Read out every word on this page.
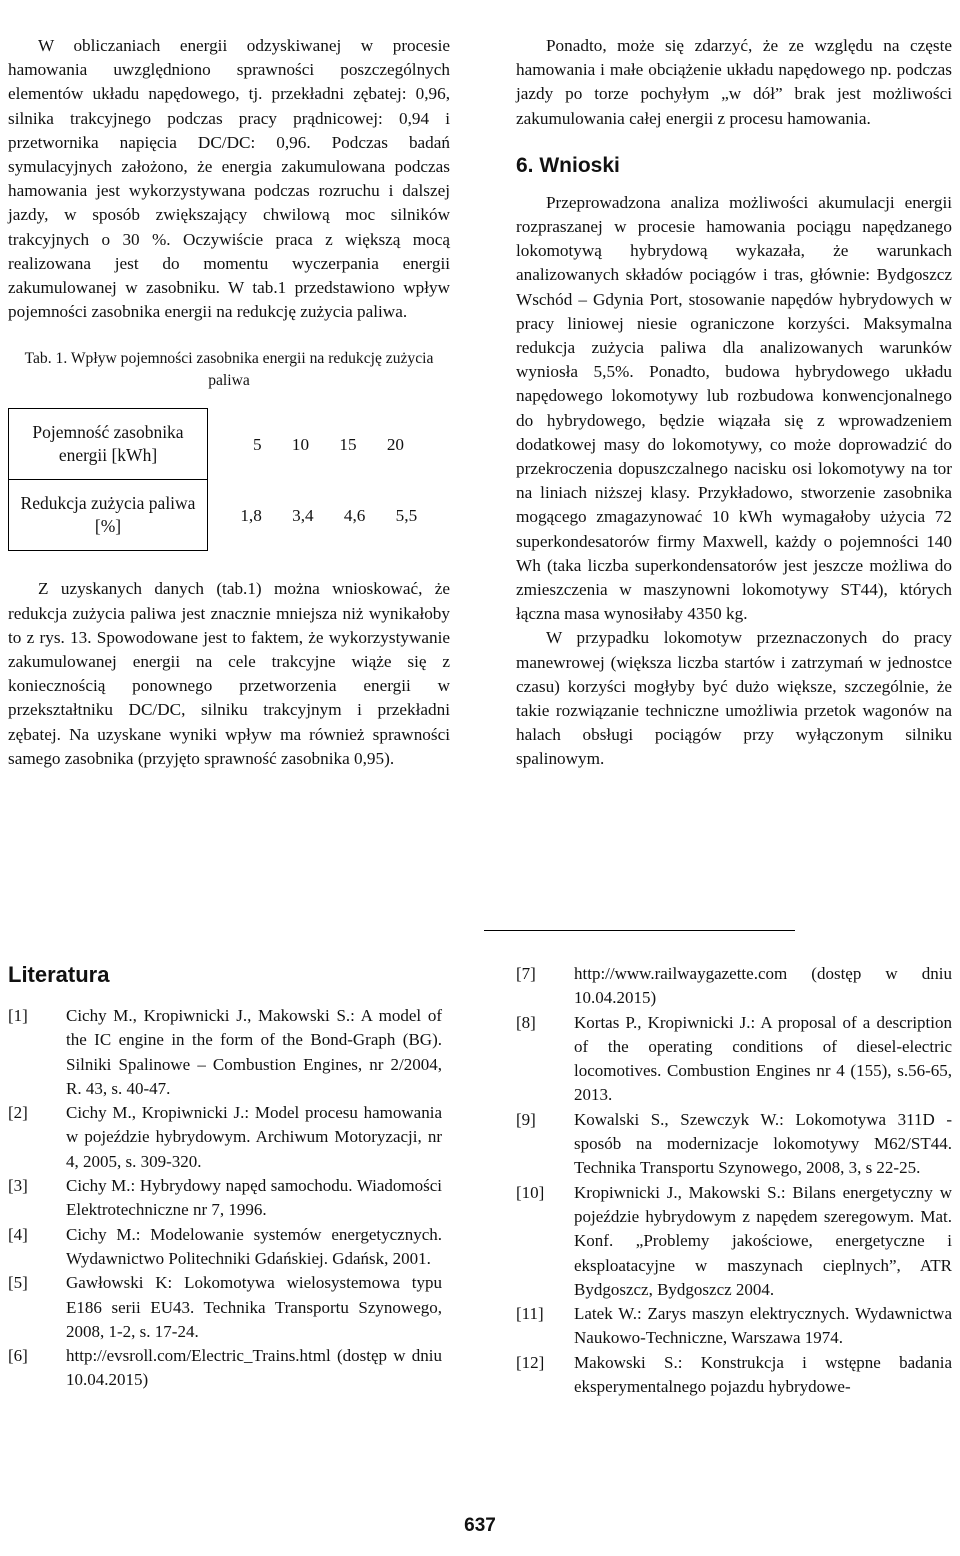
W obliczaniach energii odzyskiwanej w procesie hamowania uwzględniono sprawności poszczególnych elementów układu napędowego, tj. przekładni zębatej: 0,96, silnika trakcyjnego podczas pracy prądnicowej: 0,94 i przetwornika napięcia DC/DC: 0,96. Podczas badań symulacyjnych założono, że energia zakumulowana podczas hamowania jest wykorzystywana podczas rozruchu i dalszej jazdy, w sposób zwiększający chwilową moc silników trakcyjnych o 30 %. Oczywiście praca z większą mocą realizowana jest do momentu wyczerpania energii zakumulowanej w zasobniku. W tab.1 przedstawiono wpływ pojemności zasobnika energii na redukcję zużycia paliwa.

Tab. 1. Wpływ pojemności zasobnika energii na redukcję zużycia paliwa

Pojemność zasobnika energii [kWh]	5 10 15 20
Redukcja zużycia paliwa [%]	1,8 3,4 4,6 5,5

Z uzyskanych danych (tab.1) można wnioskować, że redukcja zużycia paliwa jest znacznie mniejsza niż wynikałoby to z rys. 13. Spowodowane jest to faktem, że wykorzystywanie zakumulowanej energii na cele trakcyjne wiąże się z koniecznością ponownego przetworzenia energii w przekształtniku DC/DC, silniku trakcyjnym i przekładni zębatej. Na uzyskane wyniki wpływ ma również sprawności samego zasobnika (przyjęto sprawność zasobnika 0,95).

Ponadto, może się zdarzyć, że ze względu na częste hamowania i małe obciążenie układu napędowego np. podczas jazdy po torze pochyłym „w dół” brak jest możliwości zakumulowania całej energii z procesu hamowania.

6. Wnioski

Przeprowadzona analiza możliwości akumulacji energii rozpraszanej w procesie hamowania pociągu napędzanego lokomotywą hybrydową wykazała, że warunkach analizowanych składów pociągów i tras, głównie: Bydgoszcz Wschód – Gdynia Port, stosowanie napędów hybrydowych w pracy liniowej niesie ograniczone korzyści. Maksymalna redukcja zużycia paliwa dla analizowanych warunków wyniosła 5,5%. Ponadto, budowa hybrydowego układu napędowego lokomotywy lub rozbudowa konwencjonalnego do hybrydowego, będzie wiązała się z wprowadzeniem dodatkowej masy do lokomotywy, co może doprowadzić do przekroczenia dopuszczalnego nacisku osi lokomotywy na tor na liniach niższej klasy. Przykładowo, stworzenie zasobnika mogącego zmagazynować 10 kWh wymagałoby użycia 72 superkondesatorów firmy Maxwell, każdy o pojemności 140 Wh (taka liczba superkondensatorów jest jeszcze możliwa do zmieszczenia w maszynowni lokomotywy ST44), których łączna masa wynosiłaby 4350 kg.

W przypadku lokomotyw przeznaczonych do pracy manewrowej (większa liczba startów i zatrzymań w jednostce czasu) korzyści mogłyby być dużo większe, szczególnie, że takie rozwiązanie techniczne umożliwia przetok wagonów na halach obsługi pociągów przy wyłączonym silniku spalinowym.

Literatura
[1]	Cichy M., Kropiwnicki J., Makowski S.: A model of the IC engine in the form of the Bond-Graph (BG). Silniki Spalinowe – Combustion Engines, nr 2/2004, R. 43, s. 40-47.
[2]	Cichy M., Kropiwnicki J.: Model procesu hamowania w pojeździe hybrydowym. Archiwum Motoryzacji, nr 4, 2005, s. 309-320.
[3]	Cichy M.: Hybrydowy napęd samochodu. Wiadomości Elektrotechniczne nr 7, 1996.
[4]	Cichy M.: Modelowanie systemów energetycznych. Wydawnictwo Politechniki Gdańskiej. Gdańsk, 2001.
[5]	Gawłowski K: Lokomotywa wielosystemowa typu E186 serii EU43. Technika Transportu Szynowego, 2008, 1-2, s. 17-24.
[6]	http://evsroll.com/Electric_Trains.html (dostęp w dniu 10.04.2015)
[7]	http://www.railwaygazette.com (dostęp w dniu 10.04.2015)
[8]	Kortas P., Kropiwnicki J.: A proposal of a description of the operating conditions of diesel-electric locomotives. Combustion Engines nr 4 (155), s.56-65, 2013.
[9]	Kowalski S., Szewczyk W.: Lokomotywa 311D - sposób na modernizacje lokomotywy M62/ST44. Technika Transportu Szynowego, 2008, 3, s 22-25.
[10]	Kropiwnicki J., Makowski S.: Bilans energetyczny w pojeździe hybrydowym z napędem szeregowym. Mat. Konf. „Problemy jakościowe, energetyczne i eksploatacyjne w maszynach cieplnych”, ATR Bydgoszcz, Bydgoszcz 2004.
[11]	Latek W.: Zarys maszyn elektrycznych. Wydawnictwa Naukowo-Techniczne, Warszawa 1974.
[12]	Makowski S.: Konstrukcja i wstępne badania eksperymentalnego pojazdu hybrydowe-
637
